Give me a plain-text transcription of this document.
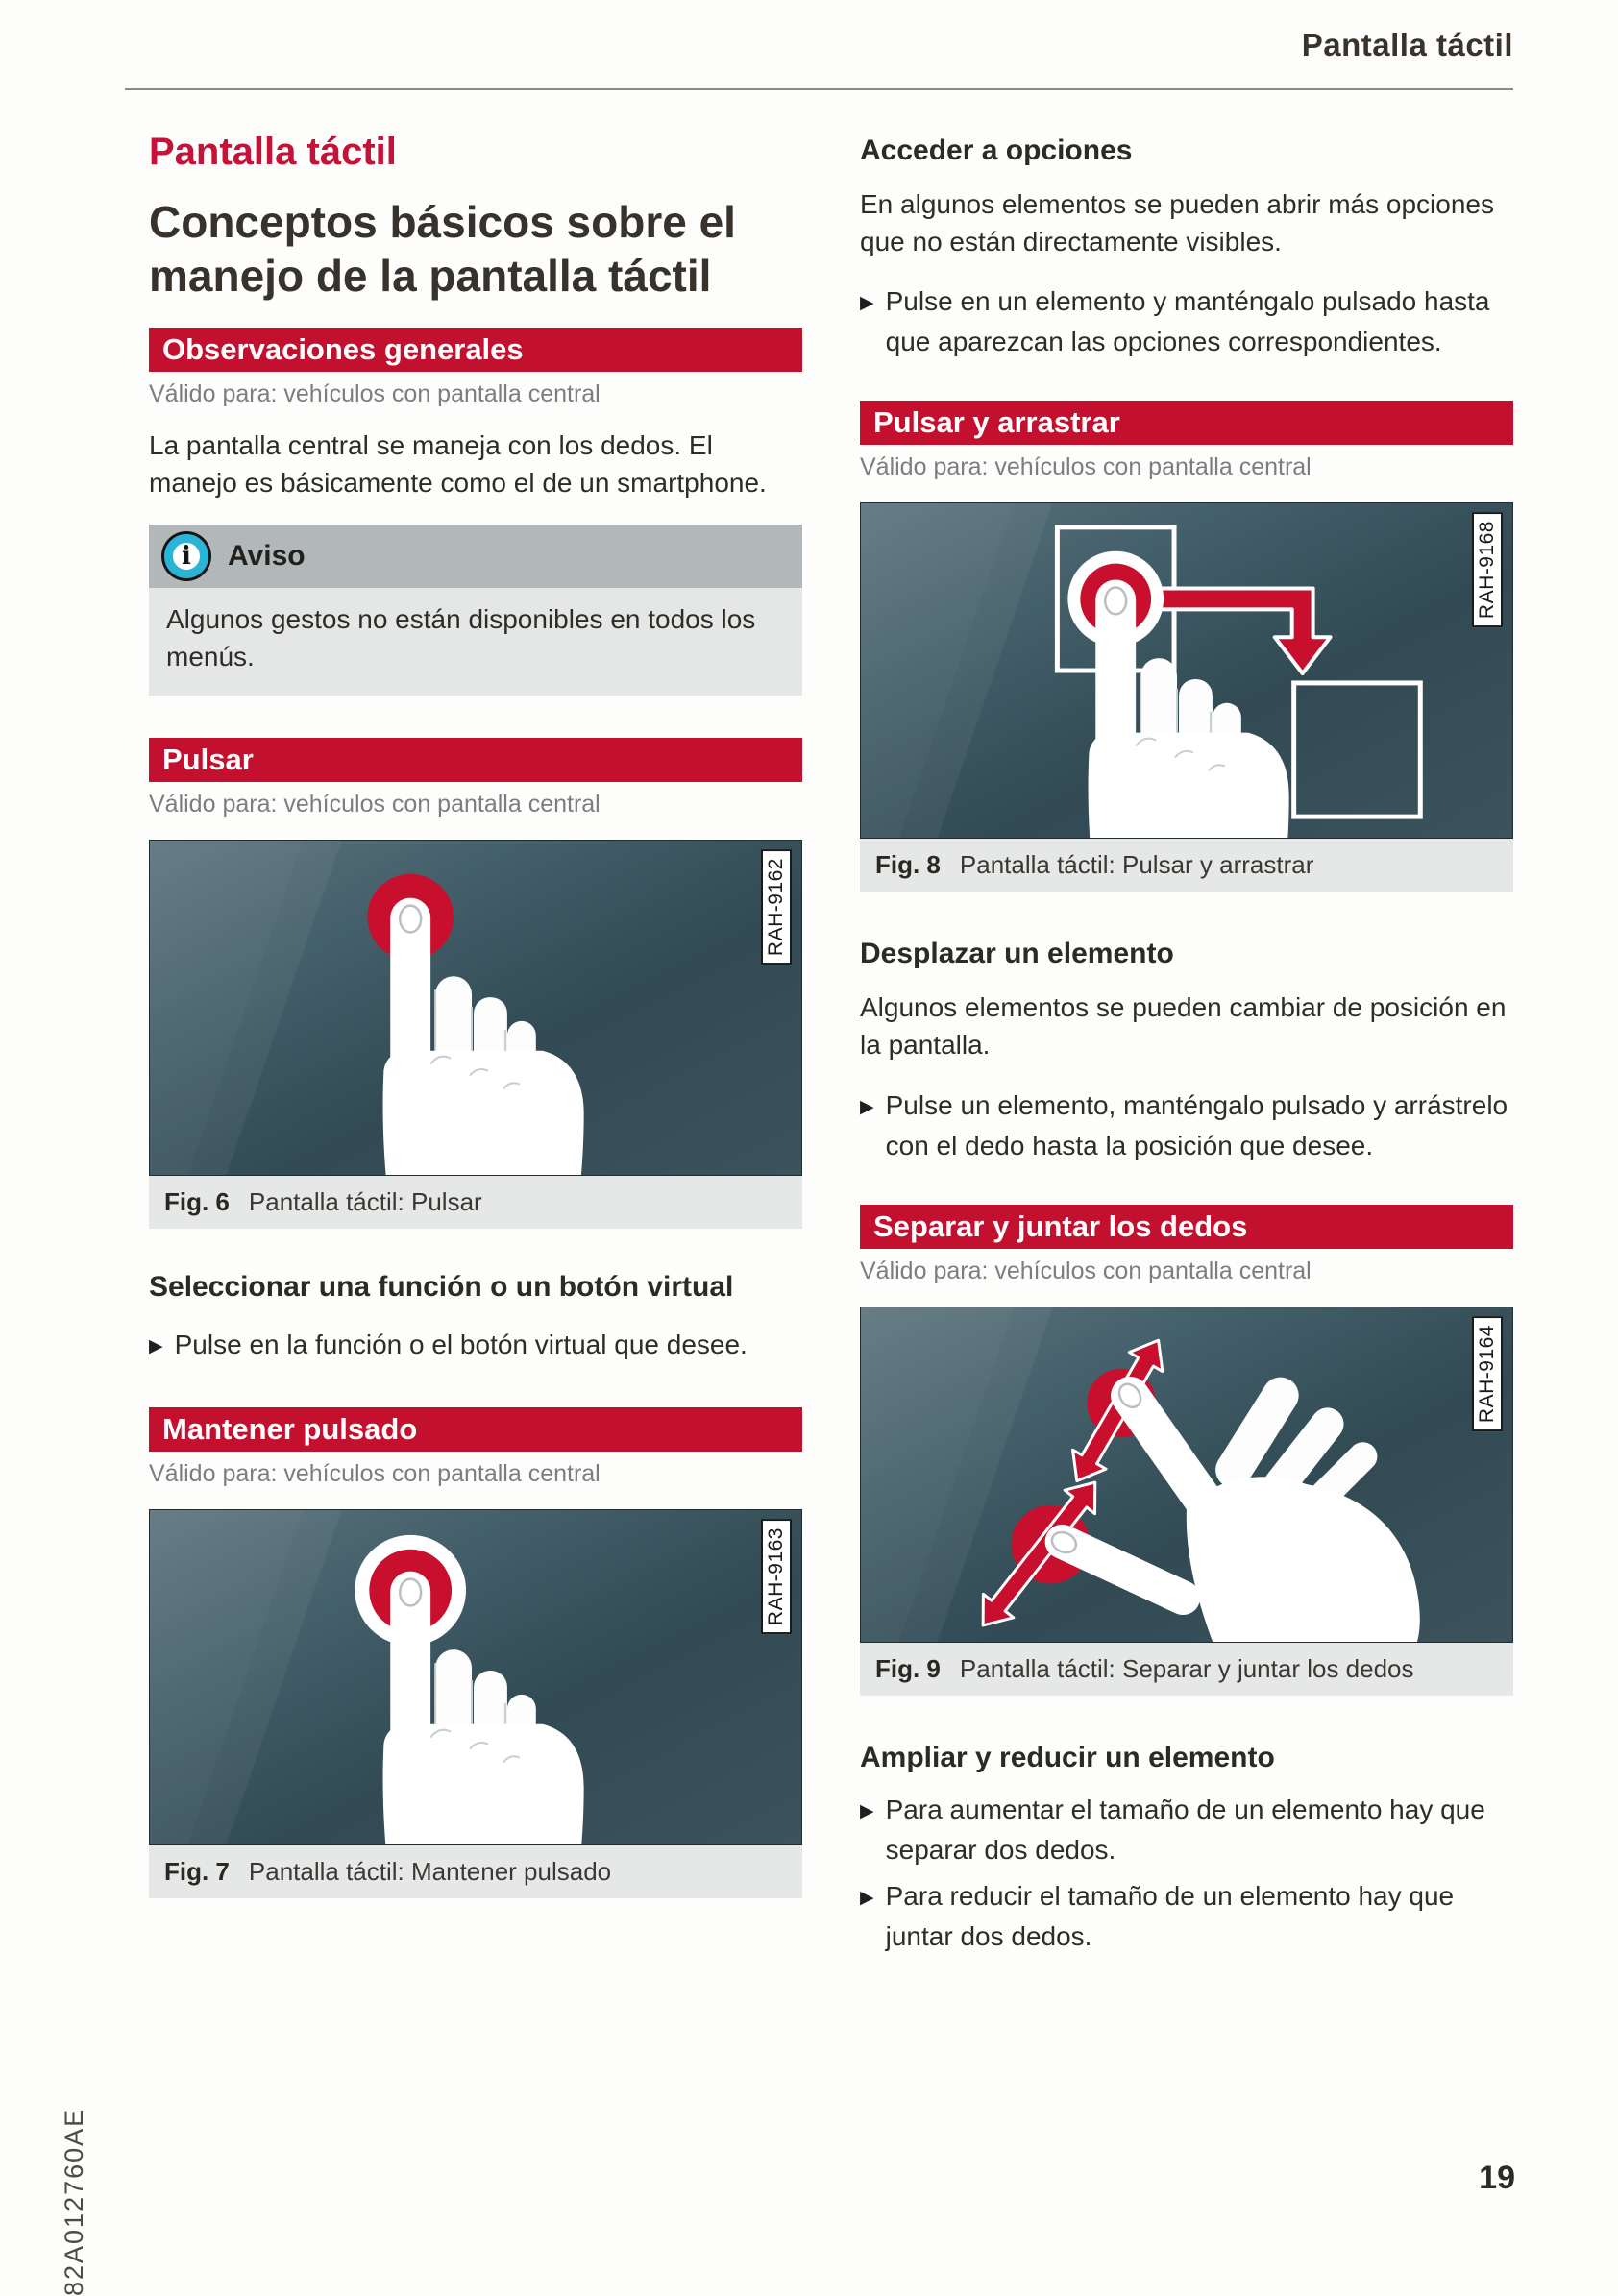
Pantalla táctil
Pantalla táctil
Conceptos básicos sobre el manejo de la pantalla táctil
Observaciones generales
Válido para: vehículos con pantalla central
La pantalla central se maneja con los dedos. El manejo es básicamente como el de un smartphone.
i Aviso
Algunos gestos no están disponibles en todos los menús.
Pulsar
Válido para: vehículos con pantalla central
RAH-9162
Fig. 6 Pantalla táctil: Pulsar
Seleccionar una función o un botón virtual
▶ Pulse en la función o el botón virtual que desee.
Mantener pulsado
Válido para: vehículos con pantalla central
RAH-9163
Fig. 7 Pantalla táctil: Mantener pulsado
Acceder a opciones
En algunos elementos se pueden abrir más opciones que no están directamente visibles.
▶ Pulse en un elemento y manténgalo pulsado hasta que aparezcan las opciones correspondientes.
Pulsar y arrastrar
Válido para: vehículos con pantalla central
RAH-9168
Fig. 8 Pantalla táctil: Pulsar y arrastrar
Desplazar un elemento
Algunos elementos se pueden cambiar de posición en la pantalla.
▶ Pulse un elemento, manténgalo pulsado y arrástrelo con el dedo hasta la posición que desee.
Separar y juntar los dedos
Válido para: vehículos con pantalla central
RAH-9164
Fig. 9 Pantalla táctil: Separar y juntar los dedos
Ampliar y reducir un elemento
▶ Para aumentar el tamaño de un elemento hay que separar dos dedos.
▶ Para reducir el tamaño de un elemento hay que juntar dos dedos.
82A012760AE	19
